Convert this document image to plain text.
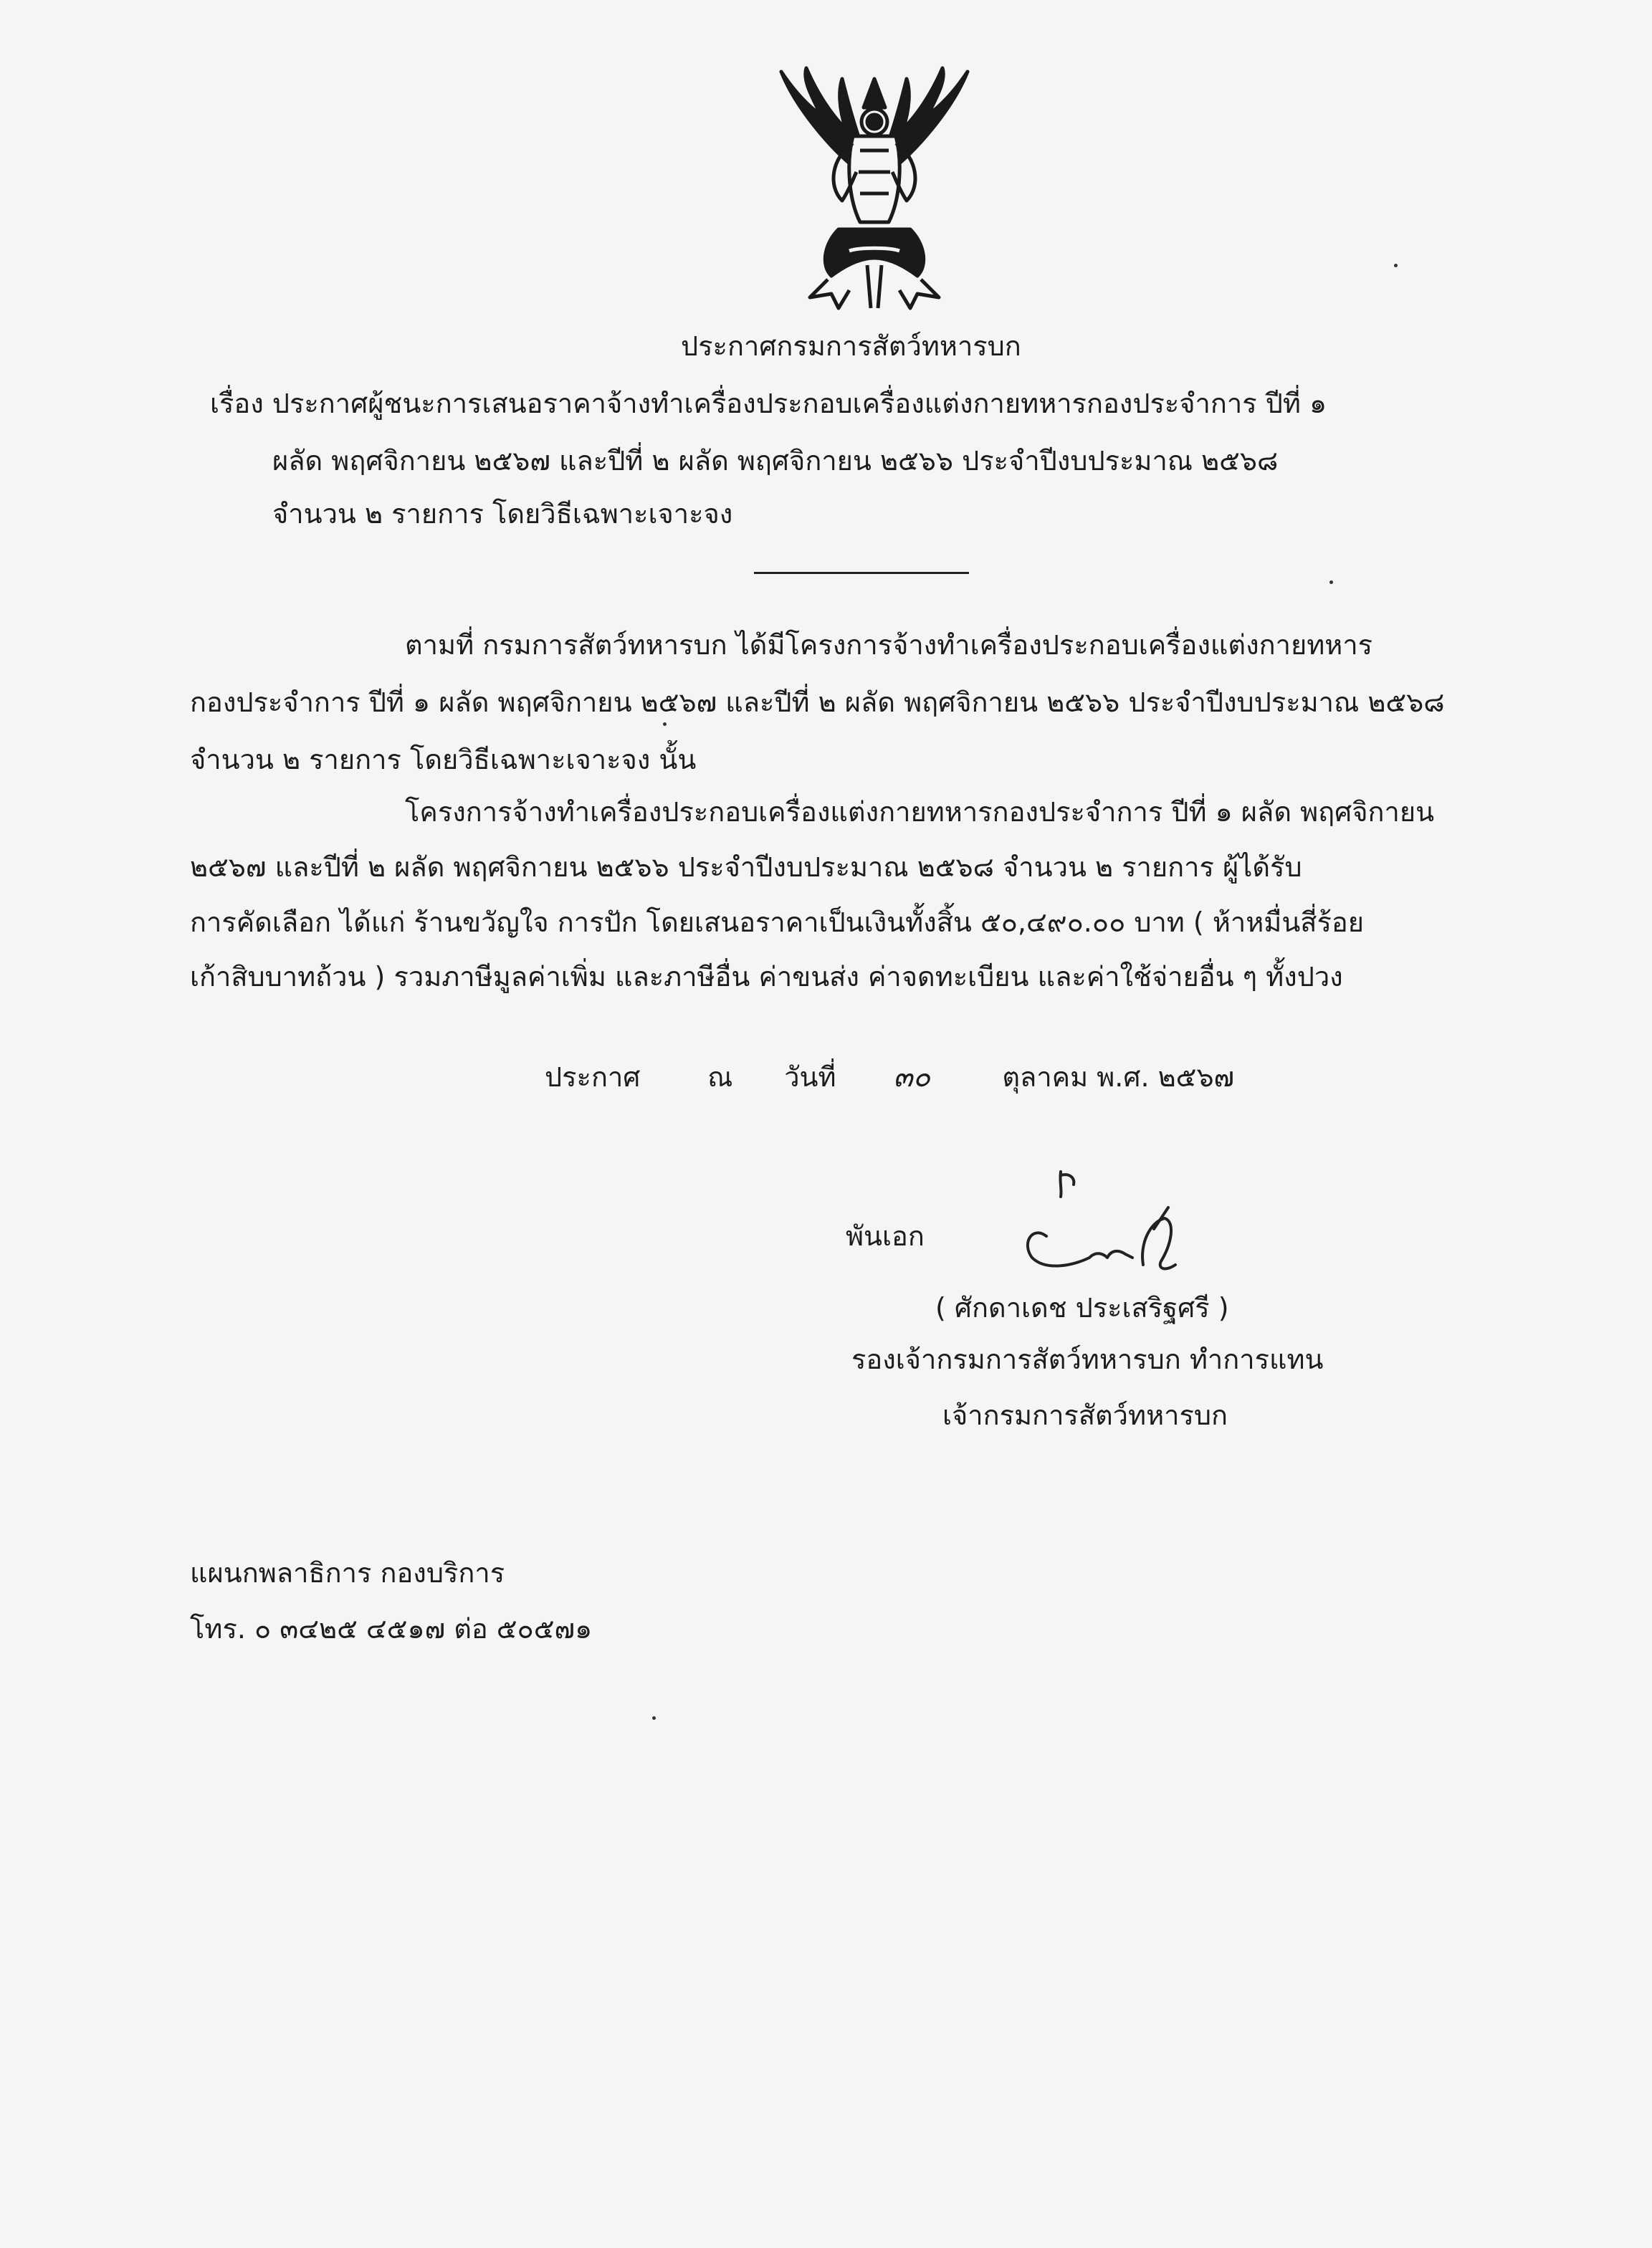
ประกาศกรมการสัตว์ทหารบก
เรื่อง ประกาศผู้ชนะการเสนอราคาจ้างทำเครื่องประกอบเครื่องแต่งกายทหารกองประจำการ ปีที่ ๑
ผลัด พฤศจิกายน ๒๕๖๗ และปีที่ ๒ ผลัด พฤศจิกายน ๒๕๖๖ ประจำปีงบประมาณ ๒๕๖๘
จำนวน ๒ รายการ โดยวิธีเฉพาะเจาะจง
ตามที่ กรมการสัตว์ทหารบก ได้มีโครงการจ้างทำเครื่องประกอบเครื่องแต่งกายทหาร
กองประจำการ ปีที่ ๑ ผลัด พฤศจิกายน ๒๕๖๗ และปีที่ ๒ ผลัด พฤศจิกายน ๒๕๖๖ ประจำปีงบประมาณ ๒๕๖๘
จำนวน ๒ รายการ โดยวิธีเฉพาะเจาะจง นั้น
โครงการจ้างทำเครื่องประกอบเครื่องแต่งกายทหารกองประจำการ ปีที่ ๑ ผลัด พฤศจิกายน
๒๕๖๗ และปีที่ ๒ ผลัด พฤศจิกายน ๒๕๖๖ ประจำปีงบประมาณ ๒๕๖๘ จำนวน ๒ รายการ ผู้ได้รับ
การคัดเลือก ได้แก่ ร้านขวัญใจ การปัก โดยเสนอราคาเป็นเงินทั้งสิ้น ๕๐,๔๙๐.๐๐ บาท ( ห้าหมื่นสี่ร้อย
เก้าสิบบาทถ้วน ) รวมภาษีมูลค่าเพิ่ม และภาษีอื่น ค่าขนส่ง ค่าจดทะเบียน และค่าใช้จ่ายอื่น ๆ ทั้งปวง
ประกาศ ณ วันที่ ๓๐	ตุลาคม พ.ศ. ๒๕๖๗
พันเอก
( ศักดาเดช ประเสริฐศรี )
รองเจ้ากรมการสัตว์ทหารบก ทำการแทน
เจ้ากรมการสัตว์ทหารบก
แผนกพลาธิการ กองบริการ
โทร. ๐ ๓๔๒๕ ๔๕๑๗ ต่อ ๕๐๕๗๑
